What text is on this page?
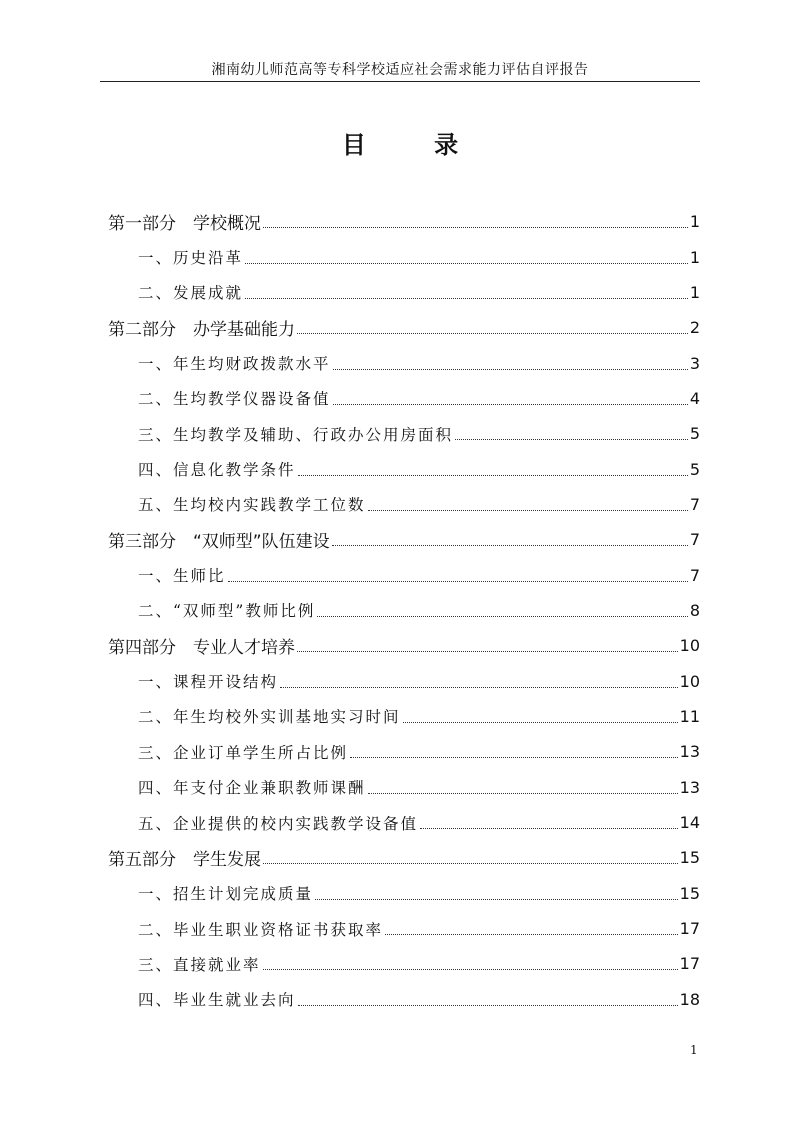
湘南幼儿师范高等专科学校适应社会需求能力评估自评报告
目 录
第一部分　学校概况	1
一、历史沿革	1
二、发展成就	1
第二部分　办学基础能力	2
一、年生均财政拨款水平	3
二、生均教学仪器设备值	4
三、生均教学及辅助、行政办公用房面积	5
四、信息化教学条件	5
五、生均校内实践教学工位数	7
第三部分　“双师型”队伍建设	7
一、生师比	7
二、“双师型”教师比例	8
第四部分　专业人才培养	10
一、课程开设结构	10
二、年生均校外实训基地实习时间	11
三、企业订单学生所占比例	13
四、年支付企业兼职教师课酬	13
五、企业提供的校内实践教学设备值	14
第五部分　学生发展	15
一、招生计划完成质量	15
二、毕业生职业资格证书获取率	17
三、直接就业率	17
四、毕业生就业去向	18
1
